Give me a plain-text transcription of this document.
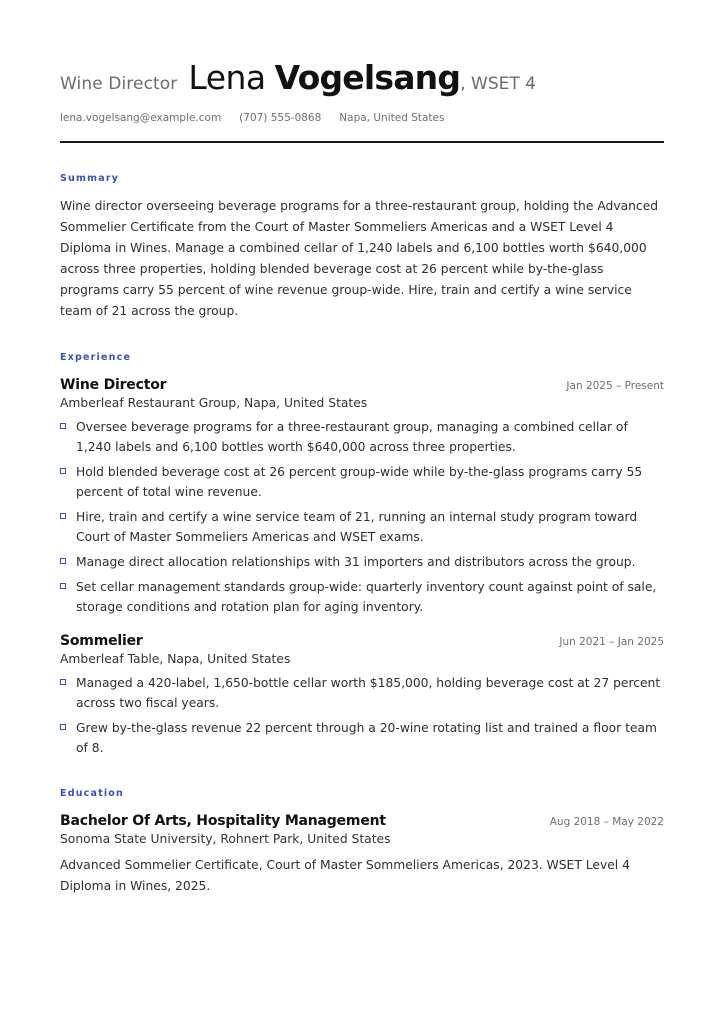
Wine Director Lena Vogelsang , WSET 4
lena.vogelsang@example.com (707) 555-0868 Napa, United States
Summary

Wine director overseeing beverage programs for a three-restaurant group, holding the Advanced Sommelier Certificate from the Court of Master Sommeliers Americas and a WSET Level 4 Diploma in Wines. Manage a combined cellar of 1,240 labels and 6,100 bottles worth $640,000 across three properties, holding blended beverage cost at 26 percent while by-the-glass programs carry 55 percent of wine revenue group-wide. Hire, train and certify a wine service team of 21 across the group.

Experience
Wine Director	Jan 2025 – Present
Amberleaf Restaurant Group, Napa, United States
Oversee beverage programs for a three-restaurant group, managing a combined cellar of 1,240 labels and 6,100 bottles worth $640,000 across three properties.
Hold blended beverage cost at 26 percent group-wide while by-the-glass programs carry 55 percent of total wine revenue.
Hire, train and certify a wine service team of 21, running an internal study program toward Court of Master Sommeliers Americas and WSET exams.
Manage direct allocation relationships with 31 importers and distributors across the group.
Set cellar management standards group-wide: quarterly inventory count against point of sale, storage conditions and rotation plan for aging inventory.
Sommelier	Jun 2021 – Jan 2025
Amberleaf Table, Napa, United States
Managed a 420-label, 1,650-bottle cellar worth $185,000, holding beverage cost at 27 percent across two fiscal years.
Grew by-the-glass revenue 22 percent through a 20-wine rotating list and trained a floor team of 8.
Education
Bachelor Of Arts, Hospitality Management	Aug 2018 – May 2022
Sonoma State University, Rohnert Park, United States

Advanced Sommelier Certificate, Court of Master Sommeliers Americas, 2023. WSET Level 4 Diploma in Wines, 2025.
